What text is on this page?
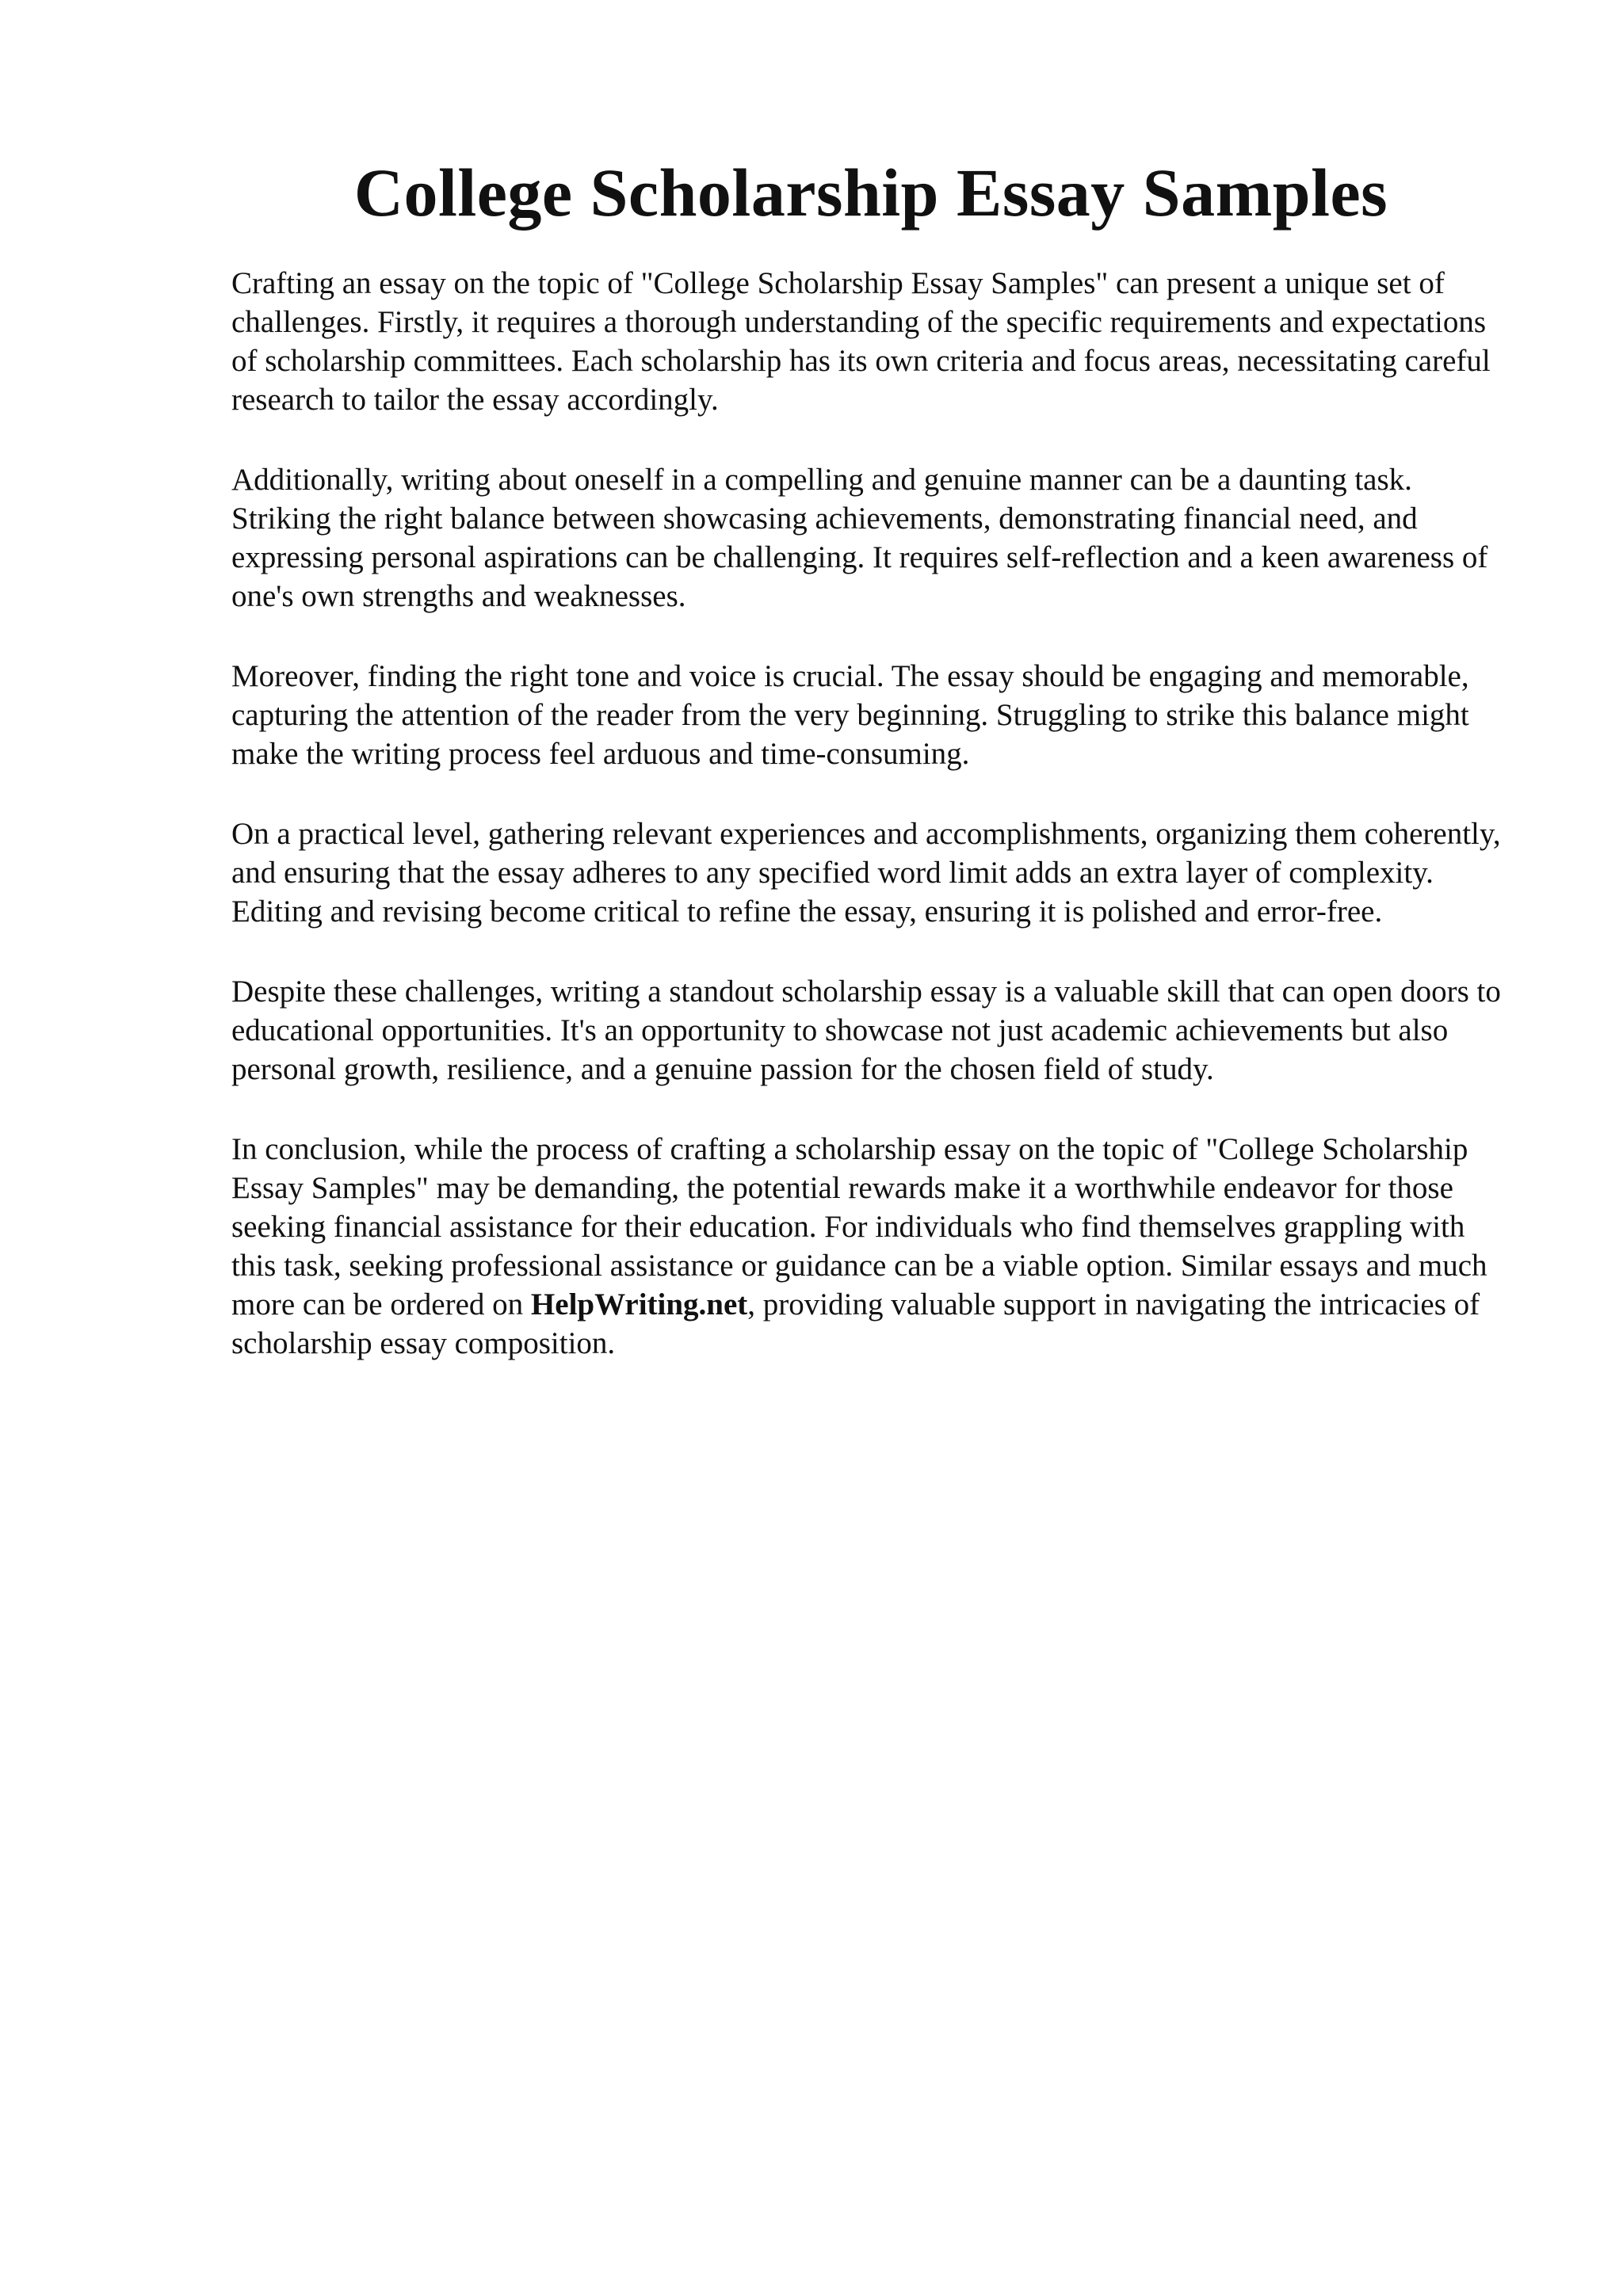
College Scholarship Essay Samples

Crafting an essay on the topic of "College Scholarship Essay Samples" can present a unique set of challenges. Firstly, it requires a thorough understanding of the specific requirements and expectations of scholarship committees. Each scholarship has its own criteria and focus areas, necessitating careful research to tailor the essay accordingly.

Additionally, writing about oneself in a compelling and genuine manner can be a daunting task. Striking the right balance between showcasing achievements, demonstrating financial need, and expressing personal aspirations can be challenging. It requires self-reflection and a keen awareness of one's own strengths and weaknesses.

Moreover, finding the right tone and voice is crucial. The essay should be engaging and memorable, capturing the attention of the reader from the very beginning. Struggling to strike this balance might make the writing process feel arduous and time-consuming.

On a practical level, gathering relevant experiences and accomplishments, organizing them coherently, and ensuring that the essay adheres to any specified word limit adds an extra layer of complexity. Editing and revising become critical to refine the essay, ensuring it is polished and error-free.

Despite these challenges, writing a standout scholarship essay is a valuable skill that can open doors to educational opportunities. It's an opportunity to showcase not just academic achievements but also personal growth, resilience, and a genuine passion for the chosen field of study.

In conclusion, while the process of crafting a scholarship essay on the topic of "College Scholarship Essay Samples" may be demanding, the potential rewards make it a worthwhile endeavor for those seeking financial assistance for their education. For individuals who find themselves grappling with this task, seeking professional assistance or guidance can be a viable option. Similar essays and much more can be ordered on HelpWriting.net, providing valuable support in navigating the intricacies of scholarship essay composition.
